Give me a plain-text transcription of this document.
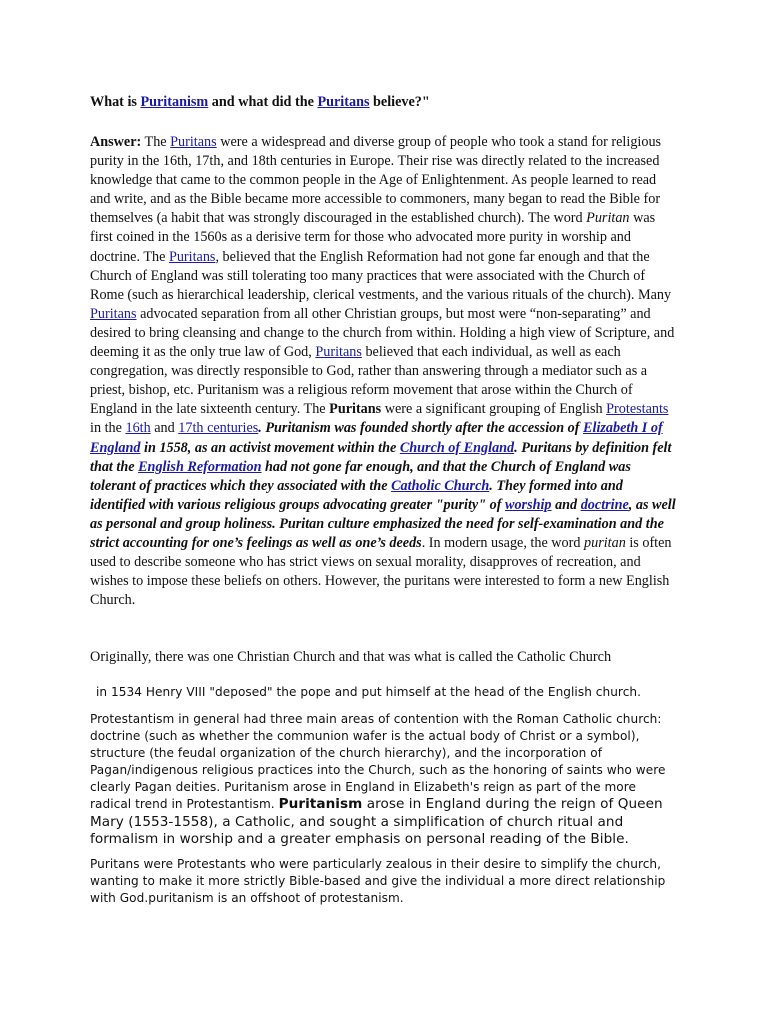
What is Puritanism and what did the Puritans believe?"

Answer: The Puritans were a widespread and diverse group of people who took a stand for religious purity in the 16th, 17th, and 18th centuries in Europe. Their rise was directly related to the increased knowledge that came to the common people in the Age of Enlightenment. As people learned to read and write, and as the Bible became more accessible to commoners, many began to read the Bible for themselves (a habit that was strongly discouraged in the established church). The word Puritan was first coined in the 1560s as a derisive term for those who advocated more purity in worship and doctrine. The Puritans, believed that the English Reformation had not gone far enough and that the Church of England was still tolerating too many practices that were associated with the Church of Rome (such as hierarchical leadership, clerical vestments, and the various rituals of the church). Many Puritans advocated separation from all other Christian groups, but most were “non-separating” and desired to bring cleansing and change to the church from within. Holding a high view of Scripture, and deeming it as the only true law of God, Puritans believed that each individual, as well as each congregation, was directly responsible to God, rather than answering through a mediator such as a priest, bishop, etc. Puritanism was a religious reform movement that arose within the Church of England in the late sixteenth century. The Puritans were a significant grouping of English Protestants in the 16th and 17th centuries. Puritanism was founded shortly after the accession of Elizabeth I of England in 1558, as an activist movement within the Church of England. Puritans by definition felt that the English Reformation had not gone far enough, and that the Church of England was tolerant of practices which they associated with the Catholic Church. They formed into and identified with various religious groups advocating greater "purity" of worship and doctrine, as well as personal and group holiness. Puritan culture emphasized the need for self-examination and the strict accounting for one’s feelings as well as one’s deeds. In modern usage, the word puritan is often used to describe someone who has strict views on sexual morality, disapproves of recreation, and wishes to impose these beliefs on others. However, the puritans were interested to form a new English Church.

Originally, there was one Christian Church and that was what is called the Catholic Church

in 1534 Henry VIII "deposed" the pope and put himself at the head of the English church.

Protestantism in general had three main areas of contention with the Roman Catholic church: doctrine (such as whether the communion wafer is the actual body of Christ or a symbol), structure (the feudal organization of the church hierarchy), and the incorporation of Pagan/indigenous religious practices into the Church, such as the honoring of saints who were clearly Pagan deities. Puritanism arose in England in Elizabeth's reign as part of the more radical trend in Protestantism. Puritanism arose in England during the reign of Queen Mary (1553-1558), a Catholic, and sought a simplification of church ritual and formalism in worship and a greater emphasis on personal reading of the Bible.

Puritans were Protestants who were particularly zealous in their desire to simplify the church, wanting to make it more strictly Bible-based and give the individual a more direct relationship with God.puritanism is an offshoot of protestanism.
